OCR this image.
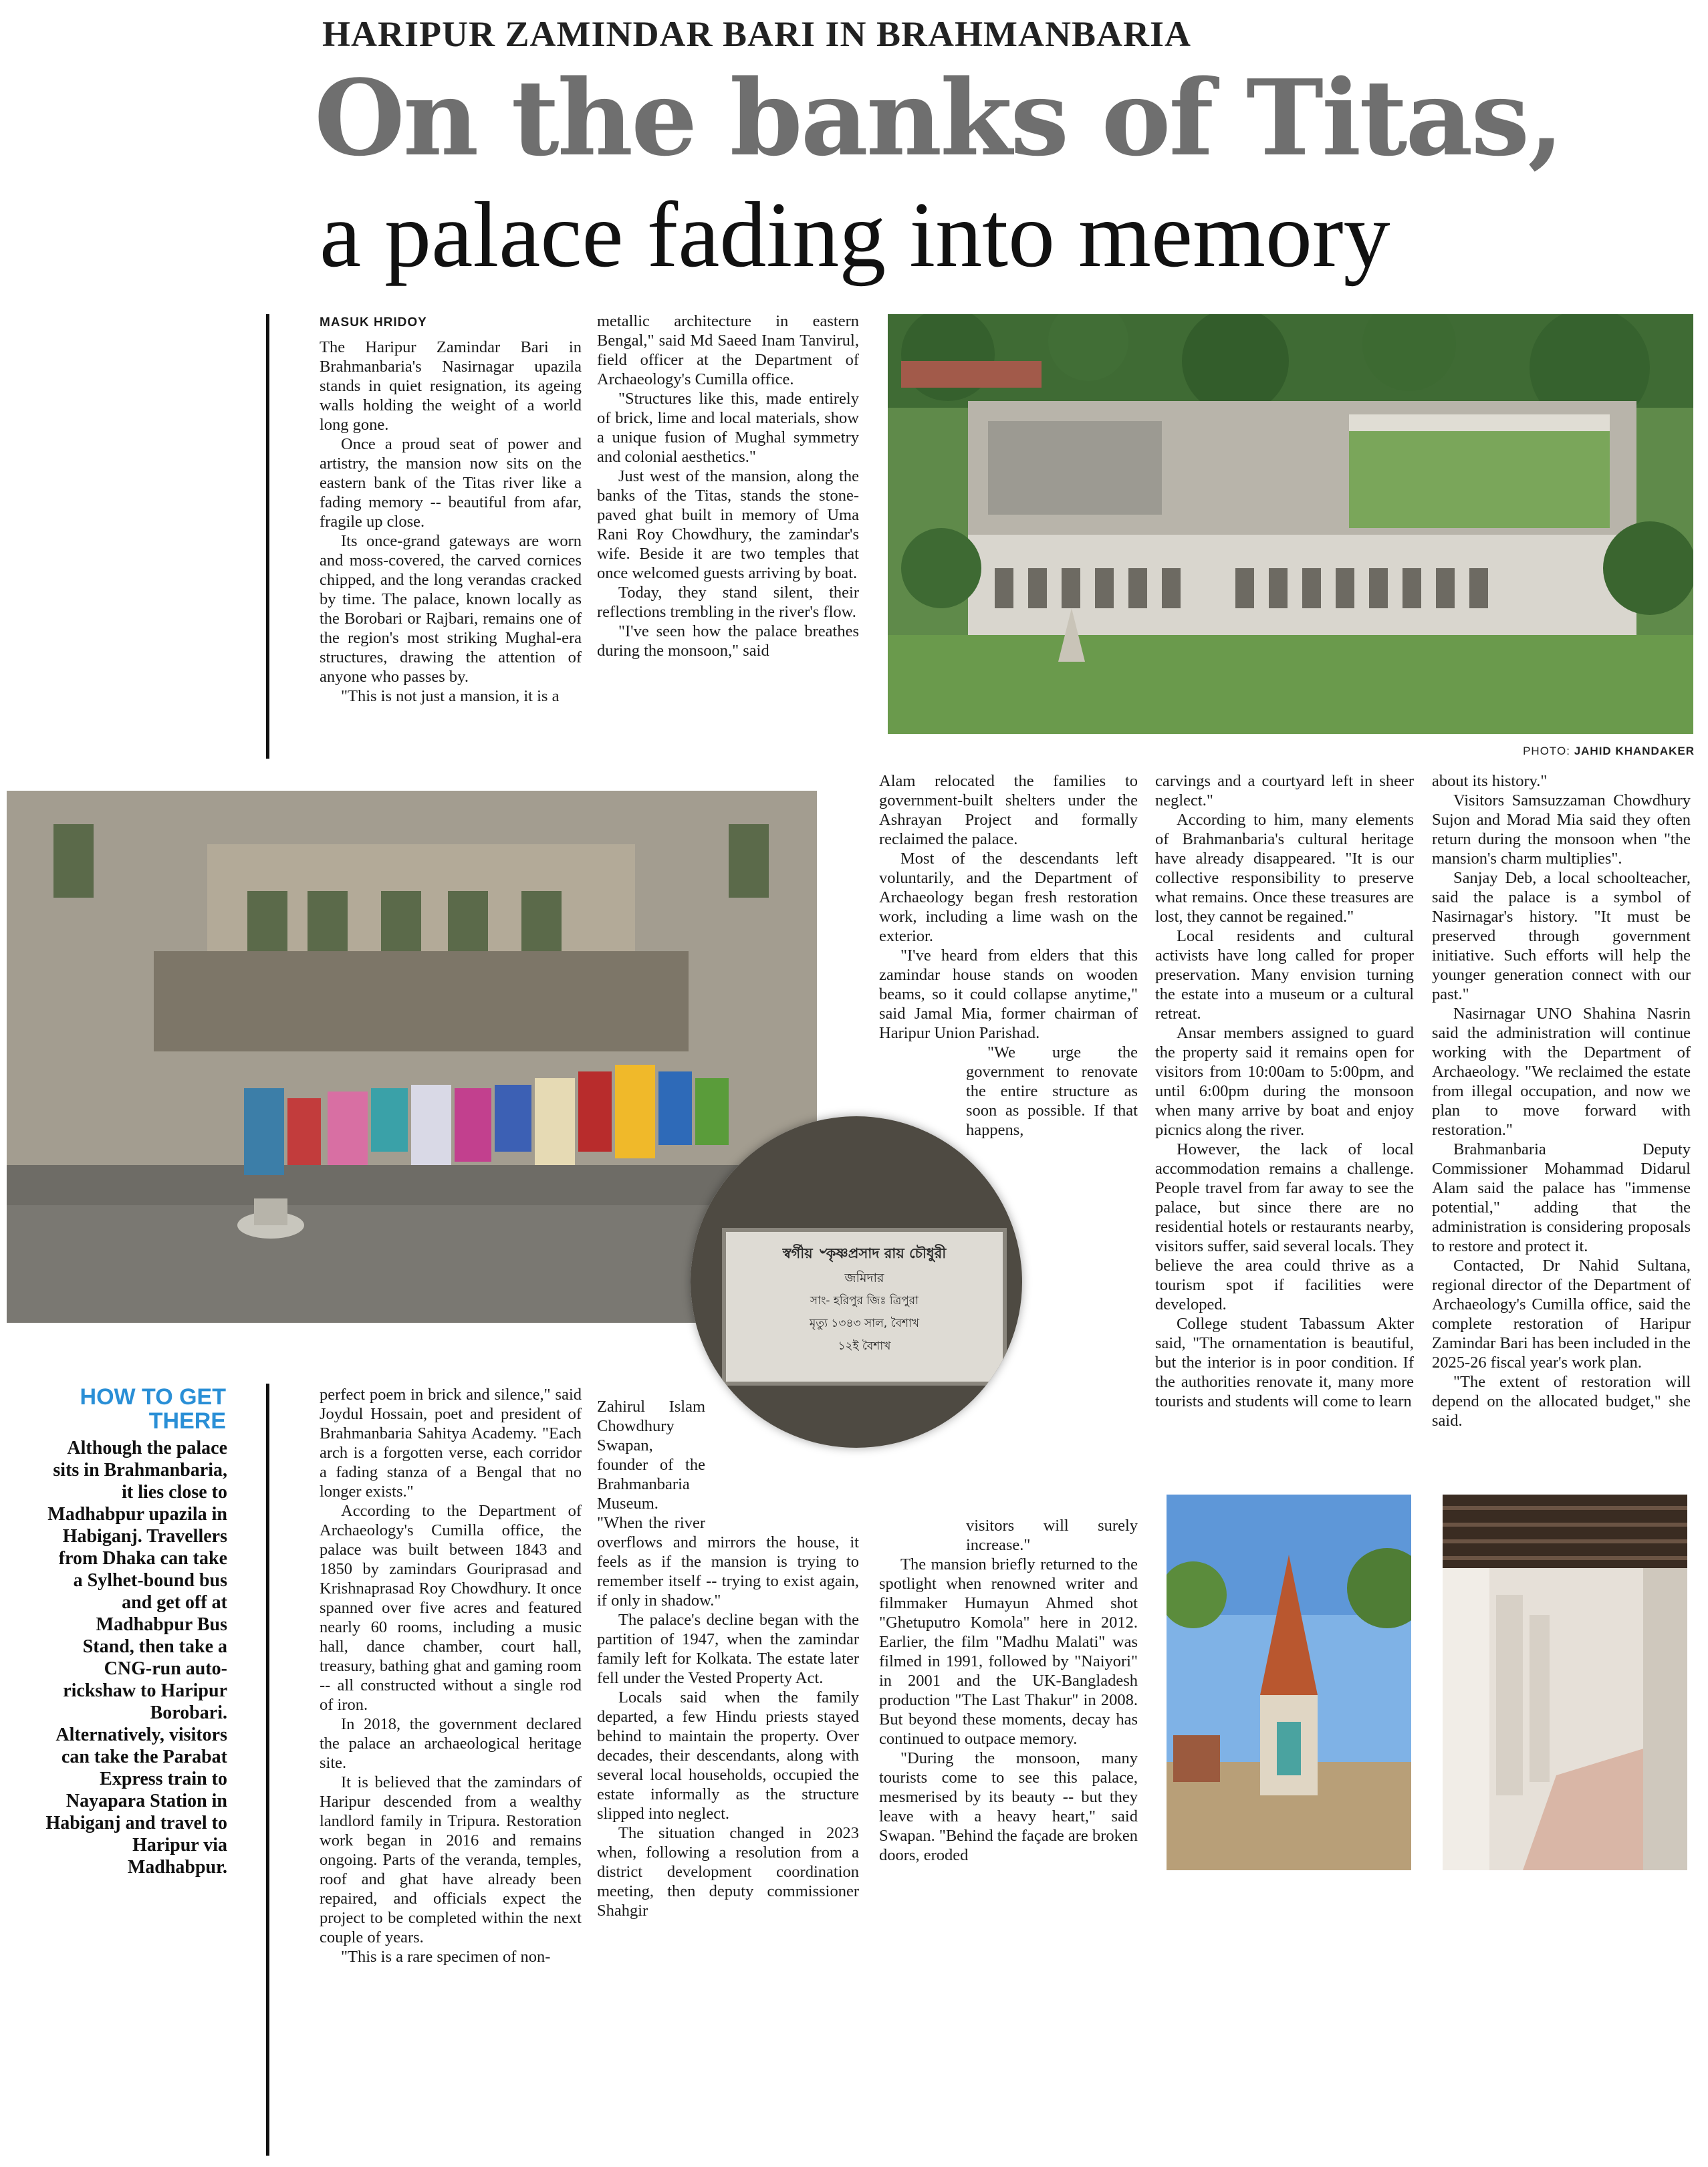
HARIPUR ZAMINDAR BARI IN BRAHMANBARIA
On the banks of Titas,
a palace fading into memory
MASUK HRIDOY

The Haripur Zamindar Bari in Brahmanbaria's Nasirnagar upazila stands in quiet resignation, its ageing walls holding the weight of a world long gone.

Once a proud seat of power and artistry, the mansion now sits on the eastern bank of the Titas river like a fading memory -- beautiful from afar, fragile up close.

Its once-grand gateways are worn and moss-covered, the carved cornices chipped, and the long verandas cracked by time. The palace, known locally as the Borobari or Rajbari, remains one of the region's most striking Mughal-era structures, drawing the attention of anyone who passes by.

"This is not just a mansion, it is a

metallic architecture in eastern Bengal," said Md Saeed Inam Tanvirul, field officer at the Department of Archaeology's Cumilla office.

"Structures like this, made entirely of brick, lime and local materials, show a unique fusion of Mughal symmetry and colonial aesthetics."

Just west of the mansion, along the banks of the Titas, stands the stone-paved ghat built in memory of Uma Rani Roy Chowdhury, the zamindar's wife. Beside it are two temples that once welcomed guests arriving by boat.

Today, they stand silent, their reflections trembling in the river's flow.

"I've seen how the palace breathes during the monsoon," said

PHOTO: JAHID KHANDAKER
স্বর্গীয় ৺কৃষ্ণপ্রসাদ রায় চৌধুরী
জমিদার
সাং- হরিপুর জিঃ ত্রিপুরা
মৃত্যু ১৩৪৩ সাল, বৈশাখ
১২ই বৈশাখ

Alam relocated the families to government-built shelters under the Ashrayan Project and formally reclaimed the palace.

Most of the descendants left voluntarily, and the Department of Archaeology began fresh restoration work, including a lime wash on the exterior.

"I've heard from elders that this zamindar house stands on wooden beams, so it could collapse anytime," said Jamal Mia, former chairman of Haripur Union Parishad.

"We urge the government to renovate the entire structure as soon as possible. If that happens,

visitors will surely increase."

The mansion briefly returned to the spotlight when renowned writer and filmmaker Humayun Ahmed shot "Ghetuputro Komola" here in 2012. Earlier, the film "Madhu Malati" was filmed in 1991, followed by "Naiyori" in 2001 and the UK-Bangladesh production "The Last Thakur" in 2008. But beyond these moments, decay has continued to outpace memory.

"During the monsoon, many tourists come to see this palace, mesmerised by its beauty -- but they leave with a heavy heart," said Swapan. "Behind the façade are broken doors, eroded

carvings and a courtyard left in sheer neglect."

According to him, many elements of Brahmanbaria's cultural heritage have already disappeared. "It is our collective responsibility to preserve what remains. Once these treasures are lost, they cannot be regained."

Local residents and cultural activists have long called for proper preservation. Many envision turning the estate into a museum or a cultural retreat.

Ansar members assigned to guard the property said it remains open for visitors from 10:00am to 5:00pm, and until 6:00pm during the monsoon when many arrive by boat and enjoy picnics along the river.

However, the lack of local accommodation remains a challenge. People travel from far away to see the palace, but since there are no residential hotels or restaurants nearby, visitors suffer, said several locals. They believe the area could thrive as a tourism spot if facilities were developed.

College student Tabassum Akter said, "The ornamentation is beautiful, but the interior is in poor condition. If the authorities renovate it, many more tourists and students will come to learn

about its history."

Visitors Samsuzzaman Chowdhury Sujon and Morad Mia said they often return during the monsoon when "the mansion's charm multiplies".

Sanjay Deb, a local schoolteacher, said the palace is a symbol of Nasirnagar's history. "It must be preserved through government initiative. Such efforts will help the younger generation connect with our past."

Nasirnagar UNO Shahina Nasrin said the administration will continue working with the Department of Archaeology. "We reclaimed the estate from illegal occupation, and now we plan to move forward with restoration."

Brahmanbaria Deputy Commissioner Mohammad Didarul Alam said the palace has "immense potential," adding that the administration is considering proposals to restore and protect it.

Contacted, Dr Nahid Sultana, regional director of the Department of Archaeology's Cumilla office, said the complete restoration of Haripur Zamindar Bari has been included in the 2025-26 fiscal year's work plan.

"The extent of restoration will depend on the allocated budget," she said.

HOW TO GET THERE
Although the palace sits in Brahmanbaria, it lies close to Madhabpur upazila in Habiganj. Travellers from Dhaka can take a Sylhet-bound bus and get off at Madhabpur Bus Stand, then take a CNG-run auto-rickshaw to Haripur Borobari. Alternatively, visitors can take the Parabat Express train to Nayapara Station in Habiganj and travel to Haripur via Madhabpur.

perfect poem in brick and silence," said Joydul Hossain, poet and president of Brahmanbaria Sahitya Academy. "Each arch is a forgotten verse, each corridor a fading stanza of a Bengal that no longer exists."

According to the Department of Archaeology's Cumilla office, the palace was built between 1843 and 1850 by zamindars Gouriprasad and Krishnaprasad Roy Chowdhury. It once spanned over five acres and featured nearly 60 rooms, including a music hall, dance chamber, court hall, treasury, bathing ghat and gaming room -- all constructed without a single rod of iron.

In 2018, the government declared the palace an archaeological heritage site.

It is believed that the zamindars of Haripur descended from a wealthy landlord family in Tripura. Restoration work began in 2016 and remains ongoing. Parts of the veranda, temples, roof and ghat have already been repaired, and officials expect the project to be completed within the next couple of years.

"This is a rare specimen of non-

Zahirul Islam Chowdhury Swapan, founder of the Brahmanbaria Museum. "When the river overflows and mirrors the house, it feels as if the mansion is trying to remember itself -- trying to exist again, if only in shadow."

The palace's decline began with the partition of 1947, when the zamindar family left for Kolkata. The estate later fell under the Vested Property Act.

Locals said when the family departed, a few Hindu priests stayed behind to maintain the property. Over decades, their descendants, along with several local households, occupied the estate informally as the structure slipped into neglect.

The situation changed in 2023 when, following a resolution from a district development coordination meeting, then deputy commissioner Shahgir
